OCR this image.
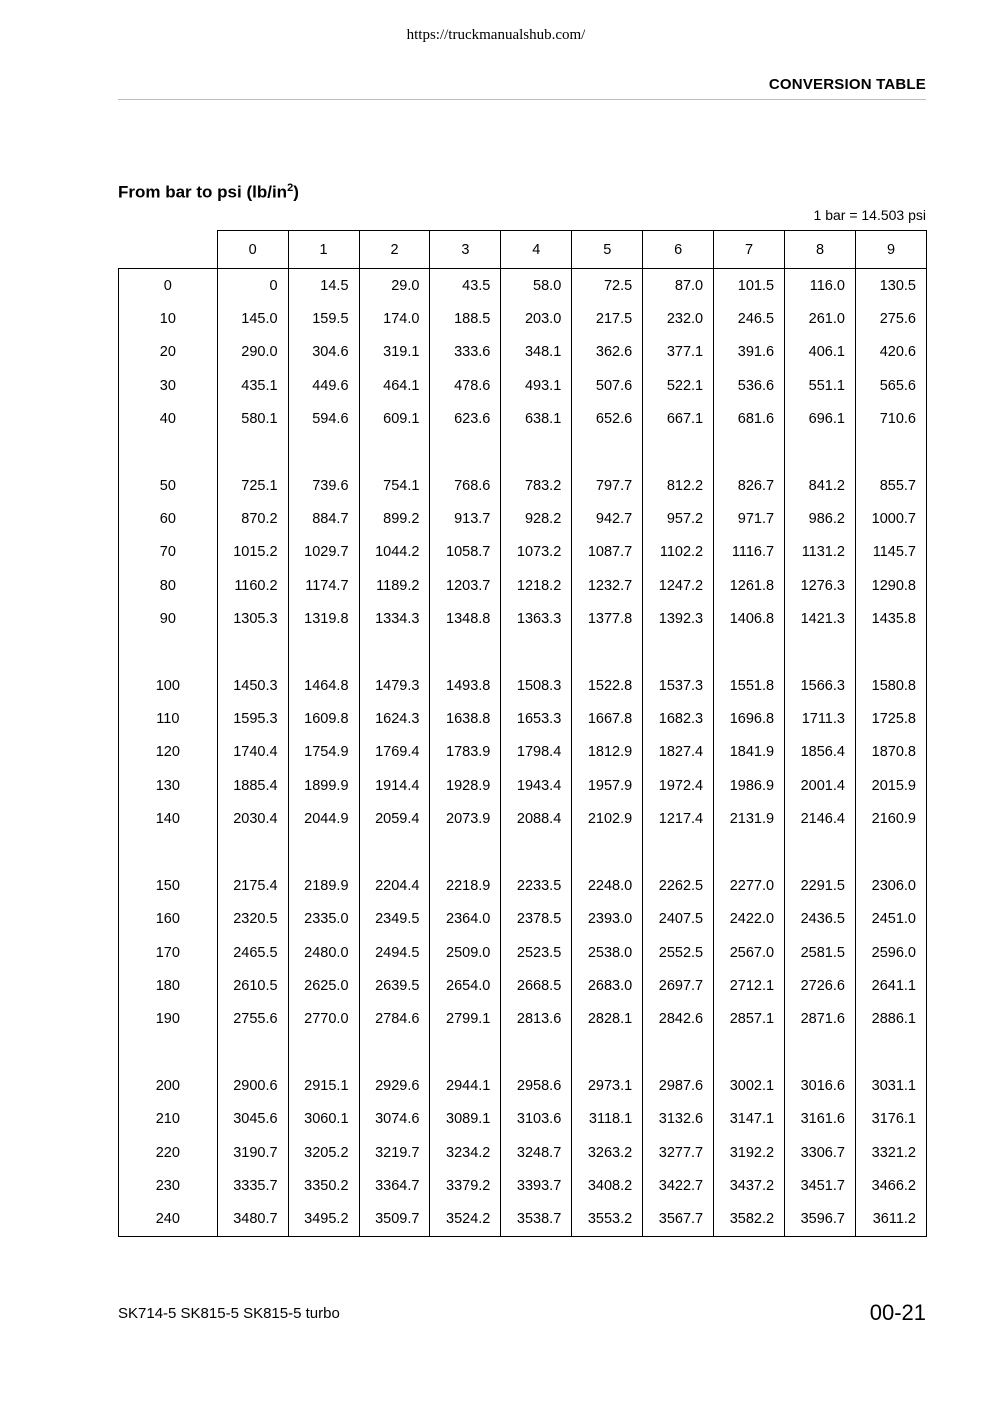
https://truckmanualshub.com/
CONVERSION TABLE
From bar to psi $(lb/in^2)$
1 bar = 14.503 psi
	0	1	2	3	4	5	6	7	8	9
0	0	14.5	29.0	43.5	58.0	72.5	87.0	101.5	116.0	130.5
10	145.0	159.5	174.0	188.5	203.0	217.5	232.0	246.5	261.0	275.6
20	290.0	304.6	319.1	333.6	348.1	362.6	377.1	391.6	406.1	420.6
30	435.1	449.6	464.1	478.6	493.1	507.6	522.1	536.6	551.1	565.6
40	580.1	594.6	609.1	623.6	638.1	652.6	667.1	681.6	696.1	710.6

50	725.1	739.6	754.1	768.6	783.2	797.7	812.2	826.7	841.2	855.7
60	870.2	884.7	899.2	913.7	928.2	942.7	957.2	971.7	986.2	1000.7
70	1015.2	1029.7	1044.2	1058.7	1073.2	1087.7	1102.2	1116.7	1131.2	1145.7
80	1160.2	1174.7	1189.2	1203.7	1218.2	1232.7	1247.2	1261.8	1276.3	1290.8
90	1305.3	1319.8	1334.3	1348.8	1363.3	1377.8	1392.3	1406.8	1421.3	1435.8

100	1450.3	1464.8	1479.3	1493.8	1508.3	1522.8	1537.3	1551.8	1566.3	1580.8
110	1595.3	1609.8	1624.3	1638.8	1653.3	1667.8	1682.3	1696.8	1711.3	1725.8
120	1740.4	1754.9	1769.4	1783.9	1798.4	1812.9	1827.4	1841.9	1856.4	1870.8
130	1885.4	1899.9	1914.4	1928.9	1943.4	1957.9	1972.4	1986.9	2001.4	2015.9
140	2030.4	2044.9	2059.4	2073.9	2088.4	2102.9	1217.4	2131.9	2146.4	2160.9

150	2175.4	2189.9	2204.4	2218.9	2233.5	2248.0	2262.5	2277.0	2291.5	2306.0
160	2320.5	2335.0	2349.5	2364.0	2378.5	2393.0	2407.5	2422.0	2436.5	2451.0
170	2465.5	2480.0	2494.5	2509.0	2523.5	2538.0	2552.5	2567.0	2581.5	2596.0
180	2610.5	2625.0	2639.5	2654.0	2668.5	2683.0	2697.7	2712.1	2726.6	2641.1
190	2755.6	2770.0	2784.6	2799.1	2813.6	2828.1	2842.6	2857.1	2871.6	2886.1

200	2900.6	2915.1	2929.6	2944.1	2958.6	2973.1	2987.6	3002.1	3016.6	3031.1
210	3045.6	3060.1	3074.6	3089.1	3103.6	3118.1	3132.6	3147.1	3161.6	3176.1
220	3190.7	3205.2	3219.7	3234.2	3248.7	3263.2	3277.7	3192.2	3306.7	3321.2
230	3335.7	3350.2	3364.7	3379.2	3393.7	3408.2	3422.7	3437.2	3451.7	3466.2
240	3480.7	3495.2	3509.7	3524.2	3538.7	3553.2	3567.7	3582.2	3596.7	3611.2
SK714-5 SK815-5 SK815-5 turbo	00-21
